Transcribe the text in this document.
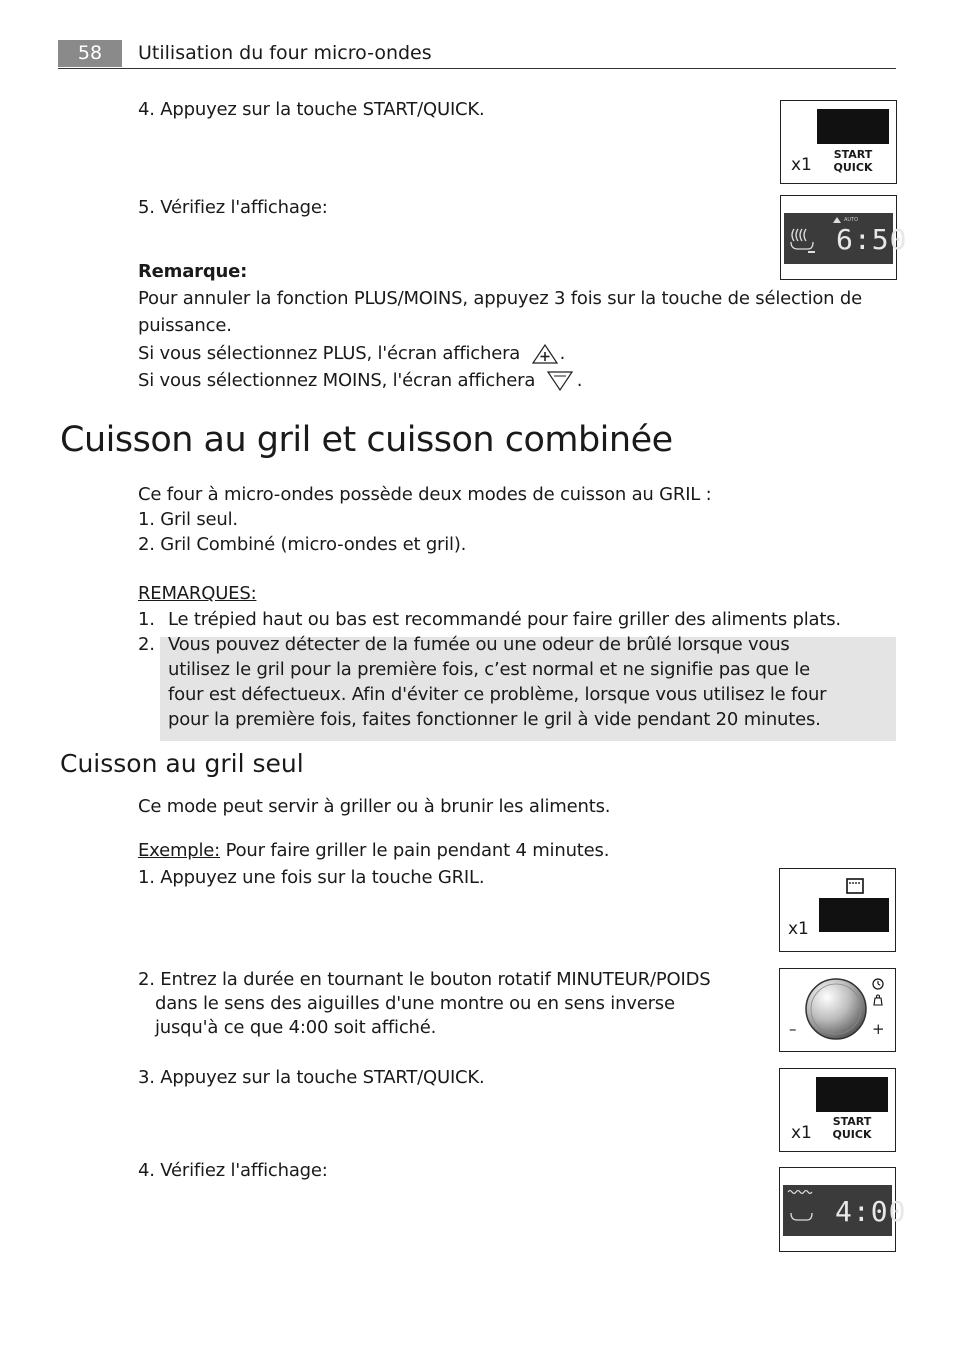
58	Utilisation du four micro-ondes
4. Appuyez sur la touche START/QUICK.
5. Vérifiez l'affichage:
x1
START
QUICK
AUTO
6:50
Remarque:
Pour annuler la fonction PLUS/MOINS, appuyez 3 fois sur la touche de sélection de
puissance.
Si vous sélectionnez PLUS, l'écran affichera .
Si vous sélectionnez MOINS, l'écran affichera .
Cuisson au gril et cuisson combinée
Ce four à micro-ondes possède deux modes de cuisson au GRIL :
1. Gril seul.
2. Gril Combiné (micro-ondes et gril).
REMARQUES:
1. Le trépied haut ou bas est recommandé pour faire griller des aliments plats.
2. Vous pouvez détecter de la fumée ou une odeur de brûlé lorsque vous
utilisez le gril pour la première fois, c’est normal et ne signifie pas que le
four est défectueux. Afin d'éviter ce problème, lorsque vous utilisez le four
pour la première fois, faites fonctionner le gril à vide pendant 20 minutes.
Cuisson au gril seul
Ce mode peut servir à griller ou à brunir les aliments.
Exemple: Pour faire griller le pain pendant 4 minutes.
1. Appuyez une fois sur la touche GRIL.
2. Entrez la durée en tournant le bouton rotatif MINUTEUR/POIDS
dans le sens des aiguilles d'une montre ou en sens inverse
jusqu'à ce que 4:00 soit affiché.
3. Appuyez sur la touche START/QUICK.
4. Vérifiez l'affichage:
x1
–	+
x1
START
QUICK
4:00
